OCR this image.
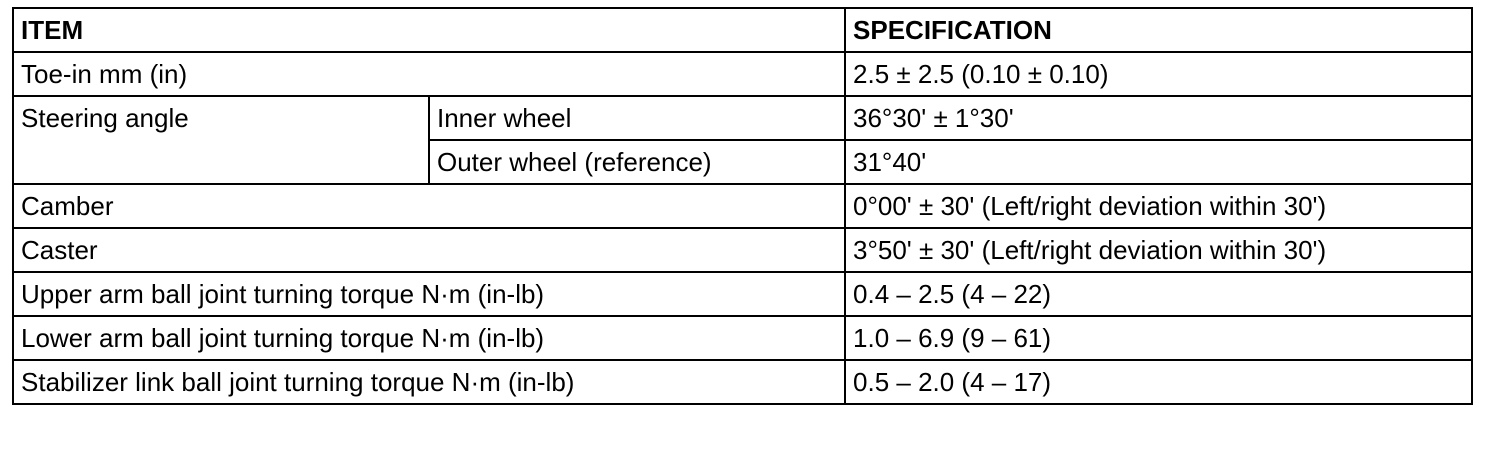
ITEM		SPECIFICATION
Toe-in mm (in)		2.5 ± 2.5 (0.10 ± 0.10)
Steering angle	Inner wheel	36°30' ± 1°30'
	Outer wheel (reference)	31°40'
Camber		0°00' ± 30' (Left/right deviation within 30')
Caster		3°50' ± 30' (Left/right deviation within 30')
Upper arm ball joint turning torque N·m (in-lb)		0.4 – 2.5 (4 – 22)
Lower arm ball joint turning torque N·m (in-lb)		1.0 – 6.9 (9 – 61)
Stabilizer link ball joint turning torque N·m (in-lb)		0.5 – 2.0 (4 – 17)
